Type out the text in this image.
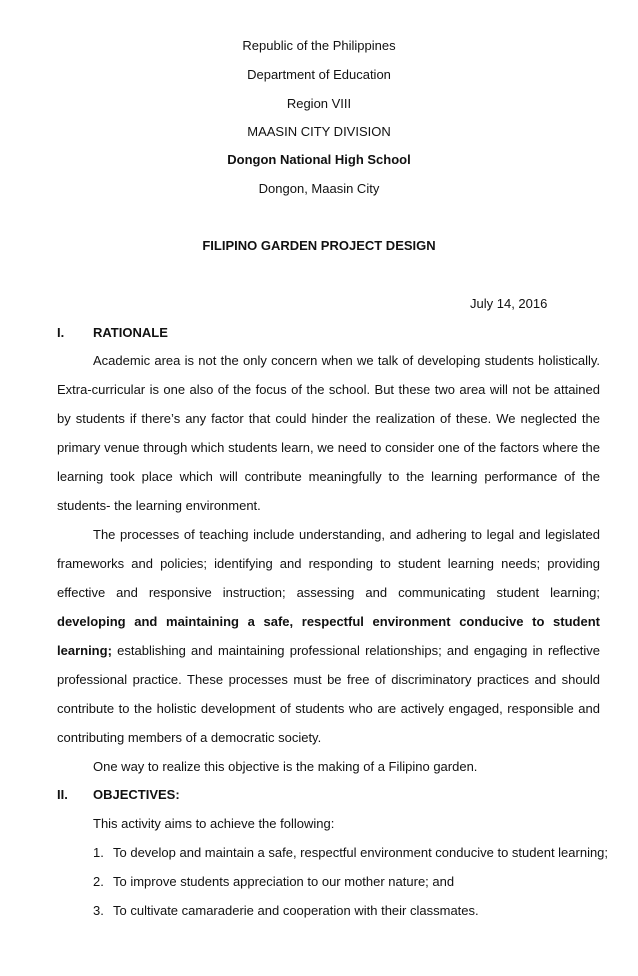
Republic of the Philippines
Department of Education
Region VIII
MAASIN CITY DIVISION
Dongon National High School
Dongon, Maasin City
FILIPINO GARDEN PROJECT DESIGN
July 14, 2016
I. RATIONALE

Academic area is not the only concern when we talk of developing students holistically. Extra-curricular is one also of the focus of the school. But these two area will not be attained by students if there’s any factor that could hinder the realization of these. We neglected the primary venue through which students learn, we need to consider one of the factors where the learning took place which will contribute meaningfully to the learning performance of the students- the learning environment.

The processes of teaching include understanding, and adhering to legal and legislated frameworks and policies; identifying and responding to student learning needs; providing effective and responsive instruction; assessing and communicating student learning; developing and maintaining a safe, respectful environment conducive to student learning; establishing and maintaining professional relationships; and engaging in reflective professional practice. These processes must be free of discriminatory practices and should contribute to the holistic development of students who are actively engaged, responsible and contributing members of a democratic society.

One way to realize this objective is the making of a Filipino garden.
II. OBJECTIVES:
This activity aims to achieve the following:
1. To develop and maintain a safe, respectful environment conducive to student learning;
2. To improve students appreciation to our mother nature; and
3. To cultivate camaraderie and cooperation with their classmates.
